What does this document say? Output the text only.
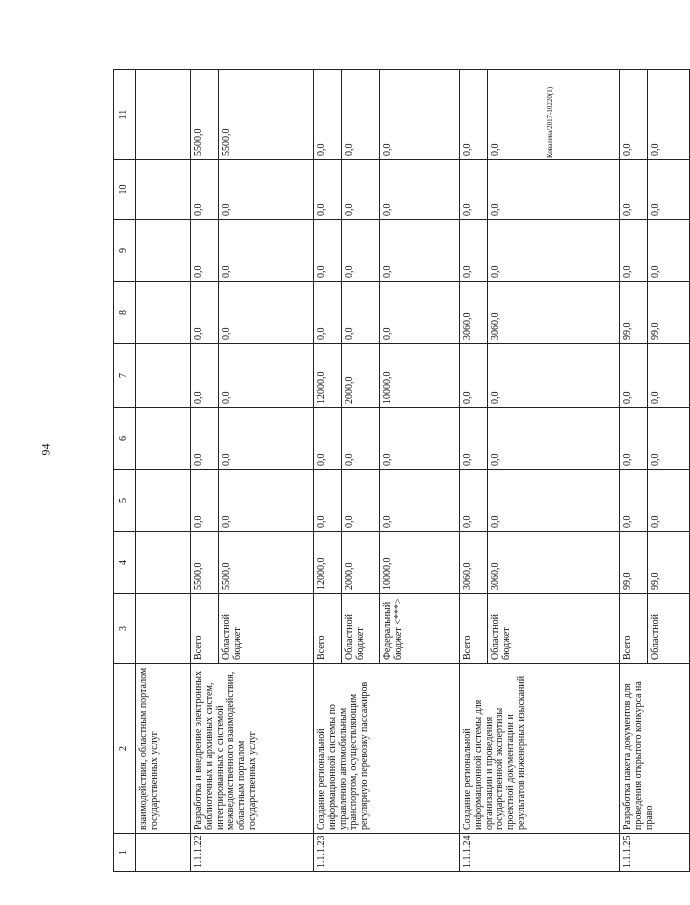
94
Ковалева/2017-10220(1)
1	2	3	4	5	6	7	8	9	10	11
	взаимодействия, областным порталом государственных услуг									
1.1.1.22	Разработка и внедрение электронных библиотечных и архивных систем, интегрированных с системой межведомственного взаимодействия, областным порталом государственных услуг	Всего	5500,0	0,0	0,0	0,0	0,0	0,0	0,0	5500,0
		Областной бюджет	5500,0	0,0	0,0	0,0	0,0	0,0	0,0	5500,0
1.1.1.23	Создание региональной информационной системы по управлению автомобильным транспортом, осуществляющим регулярную перевозку пассажиров	Всего	12000,0	0,0	0,0	12000,0	0,0	0,0	0,0	0,0
		Областной бюджет	2000,0	0,0	0,0	2000,0	0,0	0,0	0,0	0,0
		Федеральный бюджет <***>	10000,0	0,0	0,0	10000,0	0,0	0,0	0,0	0,0
1.1.1.24	Создание региональной информационной системы для организации и проведения государственной экспертизы проектной документации и результатов инженерных изысканий	Всего	3060,0	0,0	0,0	0,0	3060,0	0,0	0,0	0,0
		Областной бюджет	3060,0	0,0	0,0	0,0	3060,0	0,0	0,0	0,0
1.1.1.25	Разработка пакета документов для проведения открытого конкурса на право	Всего	99,0	0,0	0,0	0,0	99,0	0,0	0,0	0,0
		Областной	99,0	0,0	0,0	0,0	99,0	0,0	0,0	0,0
